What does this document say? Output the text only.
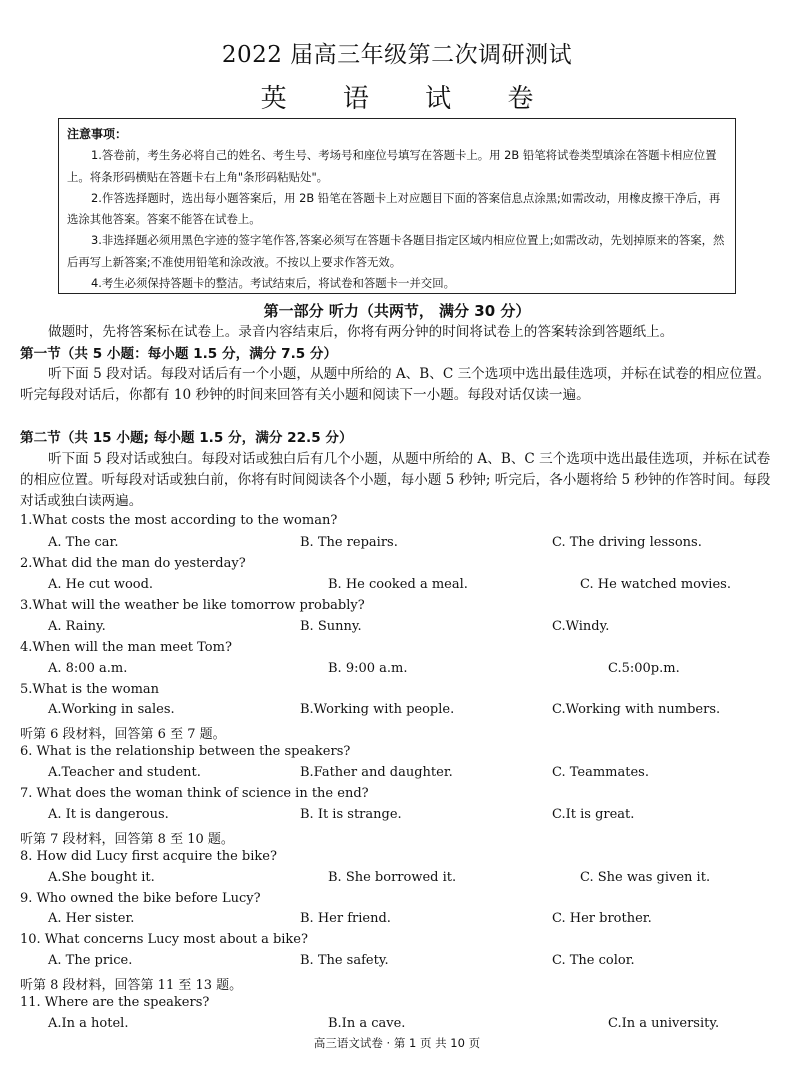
2022 届高三年级第二次调研测试
英 语 试 卷
注意事项：

1.答卷前，考生务必将自己的姓名、考生号、考场号和座位号填写在答题卡上。用 2B 铅笔将试卷类型填涂在答题卡相应位置上。将条形码横贴在答题卡右上角"条形码粘贴处"。

2.作答选择题时，选出每小题答案后，用 2B 铅笔在答题卡上对应题目下面的答案信息点涂黑;如需改动，用橡皮擦干净后，再选涂其他答案。答案不能答在试卷上。

3.非选择题必须用黑色字迹的签字笔作答,答案必须写在答题卡各题目指定区域内相应位置上;如需改动，先划掉原来的答案，然后再写上新答案;不准使用铅笔和涂改液。不按以上要求作答无效。

4.考生必须保持答题卡的整洁。考试结束后，将试卷和答题卡一并交回。

第一部分 听力（共两节， 满分 30 分）
做题时，先将答案标在试卷上。录音内容结束后，你将有两分钟的时间将试卷上的答案转涂到答题纸上。
第一节（共 5 小题：每小题 1.5 分，满分 7.5 分）
听下面 5 段对话。每段对话后有一个小题，从题中所给的 A、B、C 三个选项中选出最佳选项，并标在试卷的相应位置。听完每段对话后，你都有 10 秒钟的时间来回答有关小题和阅读下一小题。每段对话仅读一遍。
第二节（共 15 小题; 每小题 1.5 分，满分 22.5 分）
听下面 5 段对话或独白。每段对话或独白后有几个小题，从题中所给的 A、B、C 三个选项中选出最佳选项，并标在试卷的相应位置。听每段对话或独白前，你将有时间阅读各个小题，每小题 5 秒钟; 听完后，各小题将给 5 秒钟的作答时间。每段对话或独白读两遍。
1.What costs the most according to the woman?
A. The car.	B. The repairs.	C. The driving lessons.
2.What did the man do yesterday?
A. He cut wood.	B. He cooked a meal.	C. He watched movies.
3.What will the weather be like tomorrow probably?
A. Rainy.	B. Sunny.	C.Windy.
4.When will the man meet Tom?
A. 8:00 a.m.	B. 9:00 a.m.	C.5:00p.m.
5.What is the woman
A.Working in sales.	B.Working with people.	C.Working with numbers.
听第 6 段材料，回答第 6 至 7 题。
6. What is the relationship between the speakers?
A.Teacher and student.	B.Father and daughter.	C. Teammates.
7. What does the woman think of science in the end?
A. It is dangerous.	B. It is strange.	C.It is great.
听第 7 段材料，回答第 8 至 10 题。
8. How did Lucy first acquire the bike?
A.She bought it.	B. She borrowed it.	C. She was given it.
9. Who owned the bike before Lucy?
A. Her sister.	B. Her friend.	C. Her brother.
10. What concerns Lucy most about a bike?
A. The price.	B. The safety.	C. The color.
听第 8 段材料，回答第 11 至 13 题。
11. Where are the speakers?
A.In a hotel.	B.In a cave.	C.In a university.
高三语文试卷 · 第 1 页 共 10 页
